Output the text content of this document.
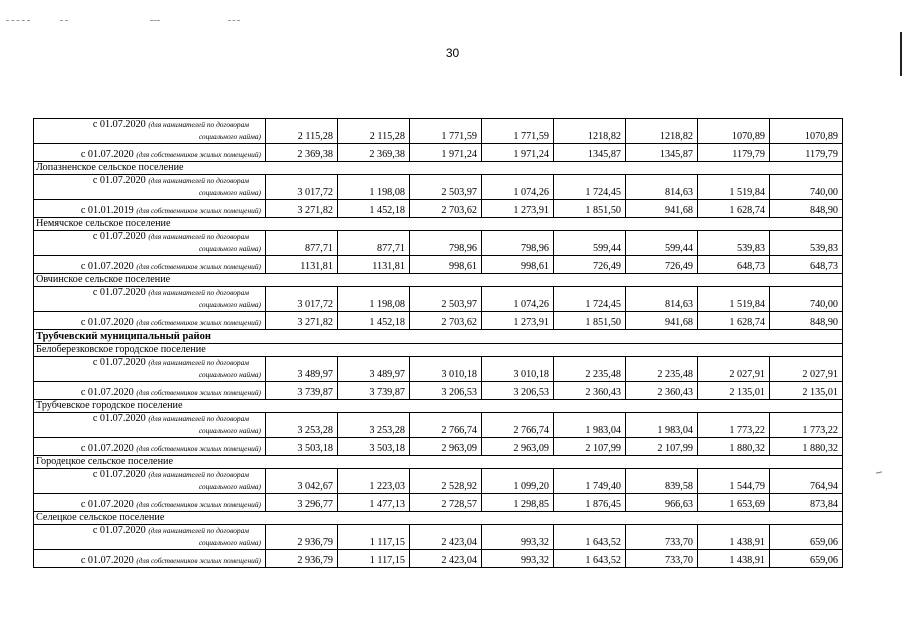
30
с 01.07.2020 (для нанимателей по договорам
социального найма)	2 115,28	2 115,28	1 771,59	1 771,59	1218,82	1218,82	1070,89	1070,89
с 01.07.2020 (для собственников жилых помещений)	2 369,38	2 369,38	1 971,24	1 971,24	1345,87	1345,87	1179,79	1179,79
Лопазненское сельское поселение								

с 01.07.2020 (для нанимателей по договорам
социального найма)	3 017,72	1 198,08	2 503,97	1 074,26	1 724,45	814,63	1 519,84	740,00
с 01.01.2019 (для собственников жилых помещений)	3 271,82	1 452,18	2 703,62	1 273,91	1 851,50	941,68	1 628,74	848,90
Немячское сельское поселение								

с 01.07.2020 (для нанимателей по договорам
социального найма)	877,71	877,71	798,96	798,96	599,44	599,44	539,83	539,83
с 01.07.2020 (для собственников жилых помещений)	1131,81	1131,81	998,61	998,61	726,49	726,49	648,73	648,73
Овчинское сельское поселение								

с 01.07.2020 (для нанимателей по договорам
социального найма)	3 017,72	1 198,08	2 503,97	1 074,26	1 724,45	814,63	1 519,84	740,00
с 01.07.2020 (для собственников жилых помещений)	3 271,82	1 452,18	2 703,62	1 273,91	1 851,50	941,68	1 628,74	848,90
Трубчевский муниципальный район								
Белоберезковское городское поселение								

с 01.07.2020 (для нанимателей по договорам
социального найма)	3 489,97	3 489,97	3 010,18	3 010,18	2 235,48	2 235,48	2 027,91	2 027,91
с 01.07.2020 (для собственников жилых помещений)	3 739,87	3 739,87	3 206,53	3 206,53	2 360,43	2 360,43	2 135,01	2 135,01
Трубчевское городское поселение								

с 01.07.2020 (для нанимателей по договорам
социального найма)	3 253,28	3 253,28	2 766,74	2 766,74	1 983,04	1 983,04	1 773,22	1 773,22
с 01.07.2020 (для собственников жилых помещений)	3 503,18	3 503,18	2 963,09	2 963,09	2 107,99	2 107,99	1 880,32	1 880,32
Городецкое сельское поселение								

с 01.07.2020 (для нанимателей по договорам
социального найма)	3 042,67	1 223,03	2 528,92	1 099,20	1 749,40	839,58	1 544,79	764,94
с 01.07.2020 (для собственников жилых помещений)	3 296,77	1 477,13	2 728,57	1 298,85	1 876,45	966,63	1 653,69	873,84
Селецкое сельское поселение								

с 01.07.2020 (для нанимателей по договорам
социального найма)	2 936,79	1 117,15	2 423,04	993,32	1 643,52	733,70	1 438,91	659,06
с 01.07.2020 (для собственников жилых помещений)	2 936,79	1 117,15	2 423,04	993,32	1 643,52	733,70	1 438,91	659,06
